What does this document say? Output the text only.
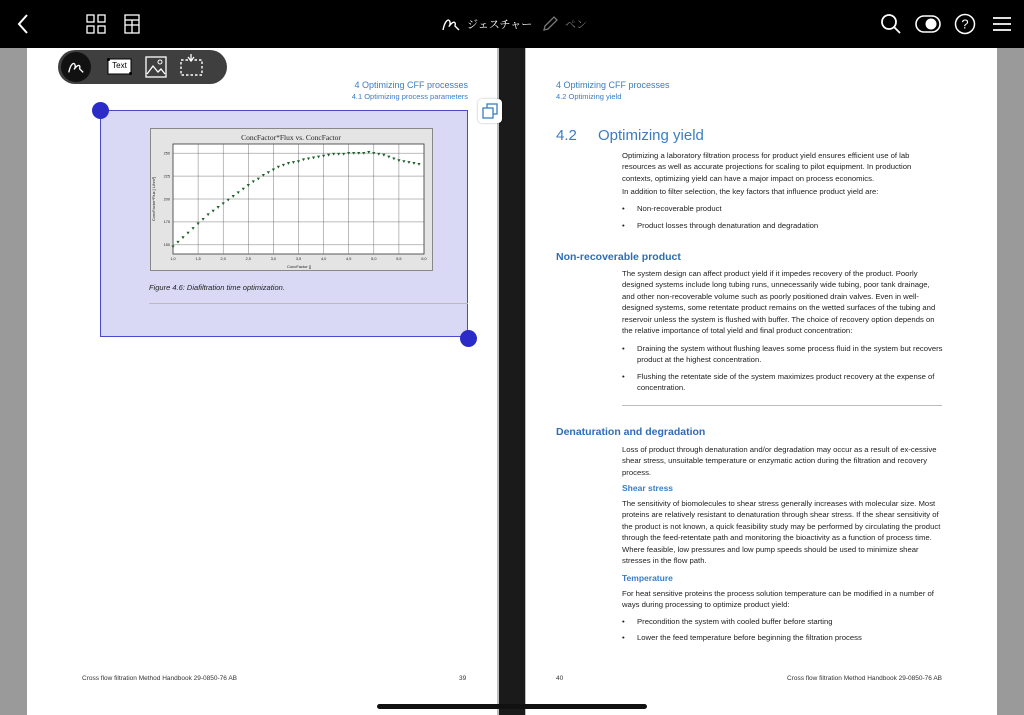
ジェスチャー	ペン	?
4 Optimizing CFF processes
4.1 Optimizing process parameters
Text
ConcFactor*Flux vs. ConcFactor
1,0	1,5	2,0	2,5	3,0	3,5	4,0	4,5	5,0	5,5	6,0
150
175
200
225
250
ConcFactor []
ConcFactor*Flux [ L/hm²]
Figure 4.6: Diafiltration time optimization.
Cross flow filtration Method Handbook 29-0850-76 AB	39
4 Optimizing CFF processes
4.2 Optimizing yield
4.2 Optimizing yield
Optimizing a laboratory filtration process for product yield ensures efficient use of lab resources as well as accurate projections for scaling to pilot equipment. In production contexts, optimizing yield can have a major impact on process economics.
In addition to filter selection, the key factors that influence product yield are:
• Non-recoverable product
• Product losses through denaturation and degradation
Non-recoverable product
The system design can affect product yield if it impedes recovery of the product. Poorly designed systems include long tubing runs, unnecessarily wide tubing, poor tank drainage, and other non-recoverable volume such as poorly positioned drain valves. Even in well-designed systems, some retentate product remains on the wetted surfaces of the tubing and reservoir unless the system is flushed with buffer. The choice of recovery option depends on the relative importance of total yield and final product concentration:
• Draining the system without flushing leaves some process fluid in the system but recovers product at the highest concentration.
• Flushing the retentate side of the system maximizes product recovery at the expense of concentration.
Denaturation and degradation
Loss of product through denaturation and/or degradation may occur as a result of ex-cessive shear stress, unsuitable temperature or enzymatic action during the filtration and recovery process.
Shear stress
The sensitivity of biomolecules to shear stress generally increases with molecular size. Most proteins are relatively resistant to denaturation through shear stress. If the shear sensitivity of the product is not known, a quick feasibility study may be performed by circulating the product through the feed-retentate path and monitoring the bioactivity as a function of process time. Where feasible, low pressures and low pump speeds should be used to minimize shear stresses in the flow path.
Temperature
For heat sensitive proteins the process solution temperature can be modified in a number of ways during processing to optimize product yield:
• Precondition the system with cooled buffer before starting
• Lower the feed temperature before beginning the filtration process
40	Cross flow filtration Method Handbook 29-0850-76 AB
